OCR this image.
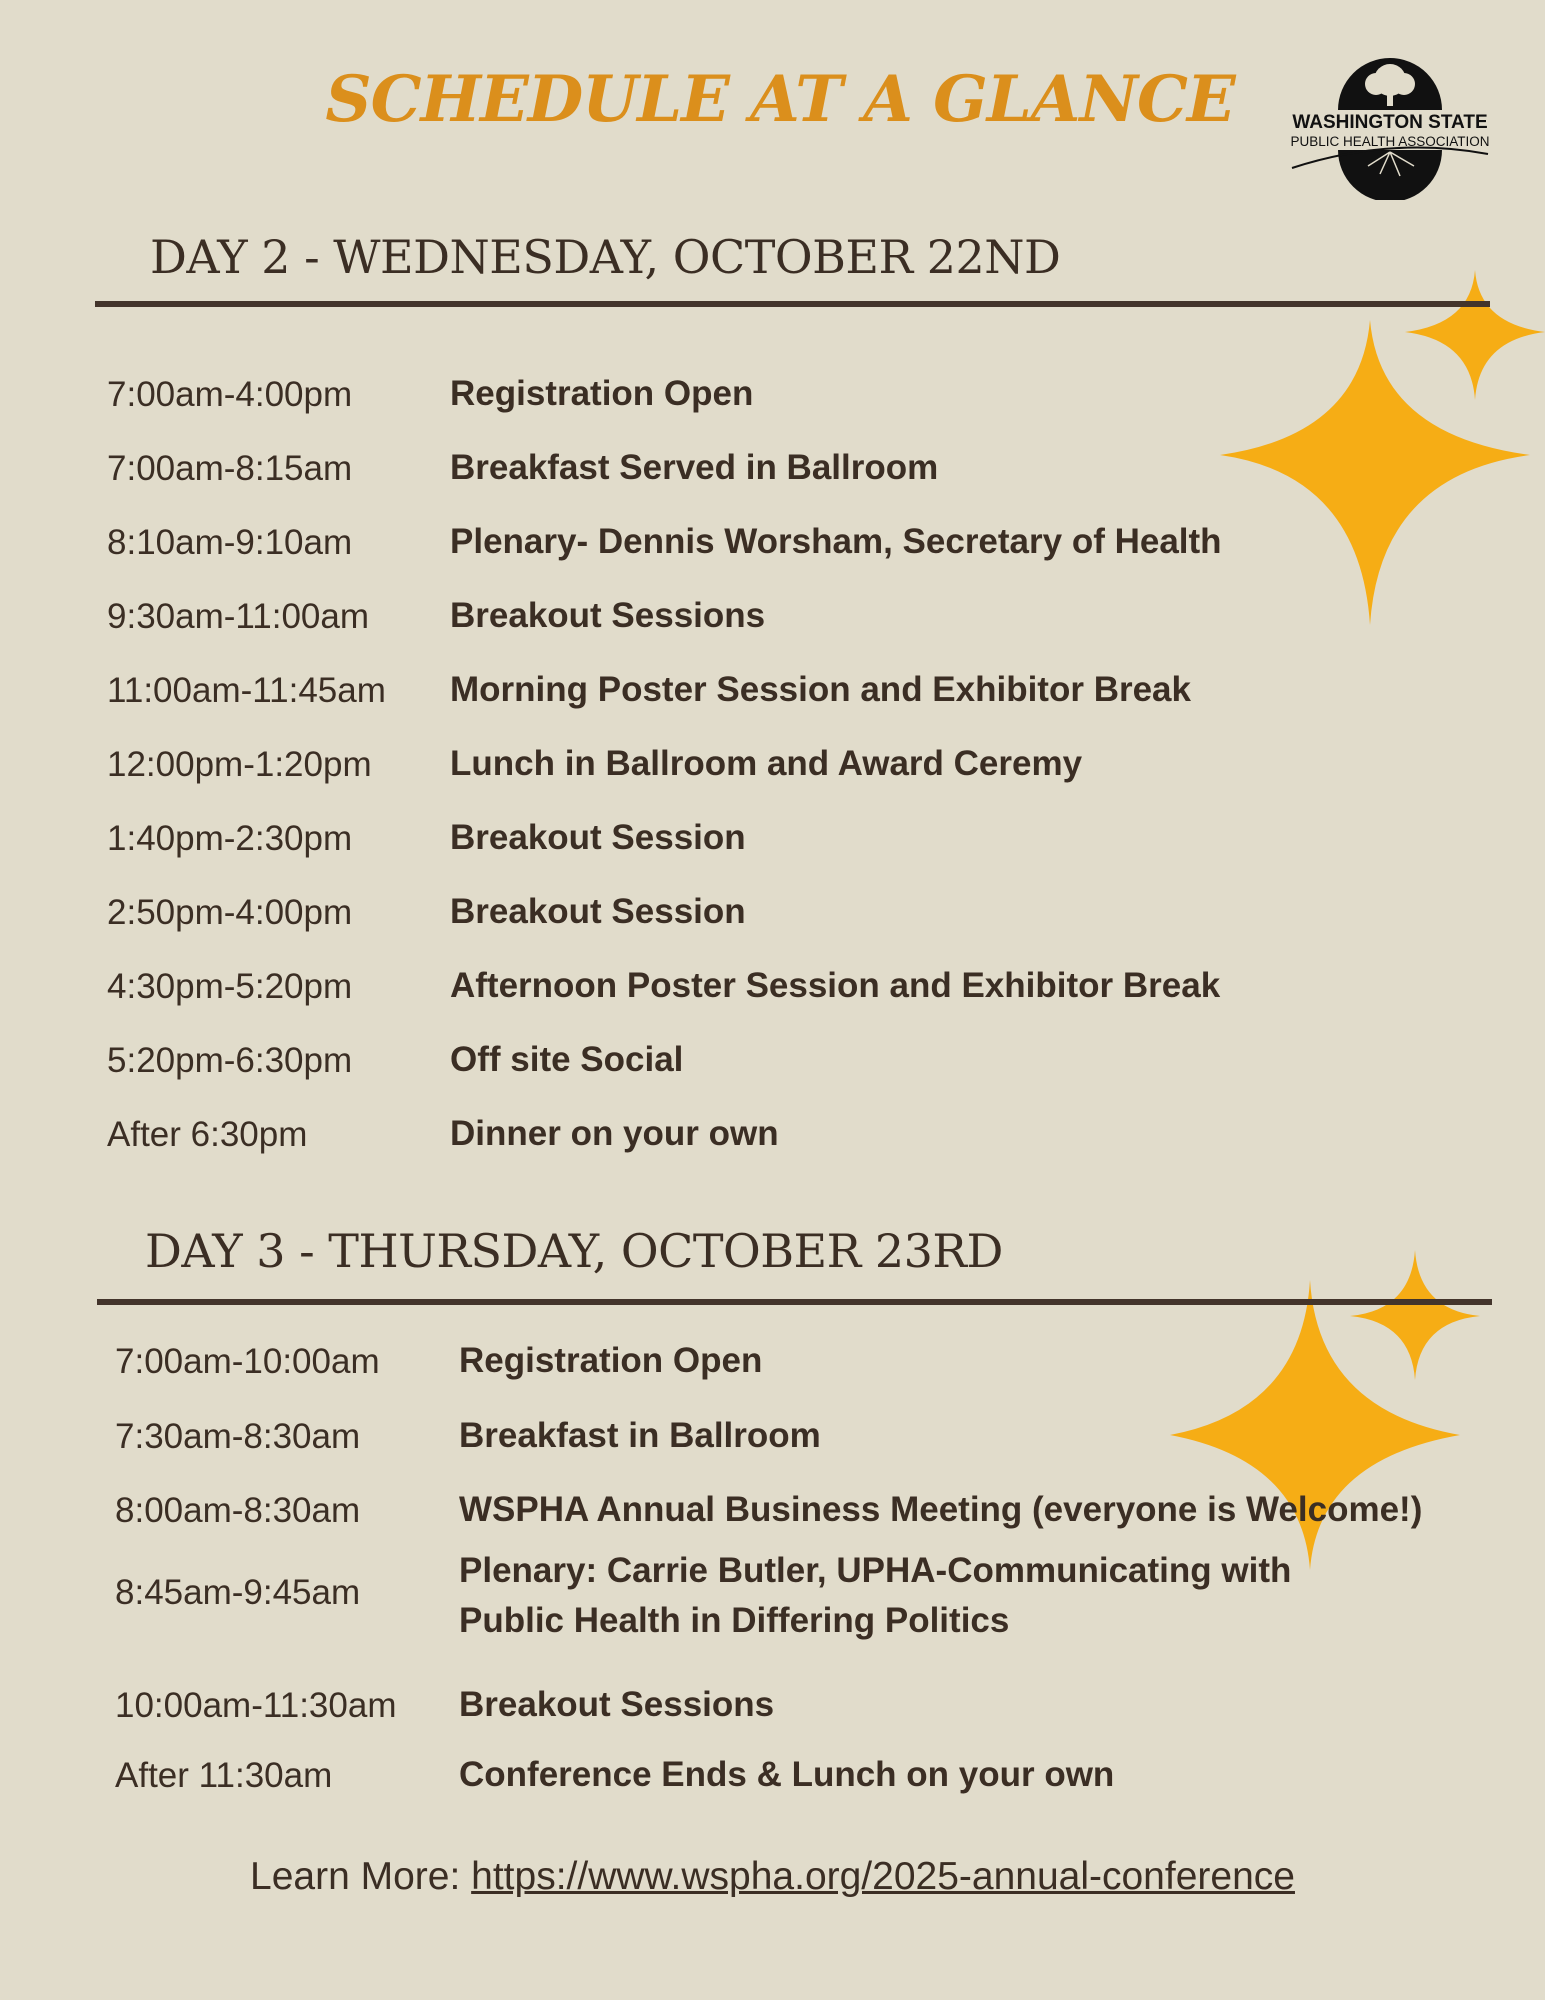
SCHEDULE AT A GLANCE	WASHINGTON STATE
PUBLIC HEALTH ASSOCIATION
DAY 2 - WEDNESDAY, OCTOBER 22ND
7:00am-4:00pm	Registration Open
7:00am-8:15am	Breakfast Served in Ballroom
8:10am-9:10am	Plenary- Dennis Worsham, Secretary of Health
9:30am-11:00am Breakout Sessions
11:00am-11:45am Morning Poster Session and Exhibitor Break
12:00pm-1:20pm Lunch in Ballroom and Award Ceremy
1:40pm-2:30pm	Breakout Session
2:50pm-4:00pm	Breakout Session
4:30pm-5:20pm	Afternoon Poster Session and Exhibitor Break
5:20pm-6:30pm	Off site Social
After 6:30pm	Dinner on your own
DAY 3 - THURSDAY, OCTOBER 23RD
7:00am-10:00am Registration Open
7:30am-8:30am	Breakfast in Ballroom
8:00am-8:30am	WSPHA Annual Business Meeting (everyone is Welcome!)
8:45am-9:45am
Plenary: Carrie Butler, UPHA-Communicating with
Public Health in Differing Politics
10:00am-11:30am Breakout Sessions
After 11:30am	Conference Ends & Lunch on your own
Learn More: https://www.wspha.org/2025-annual-conference
